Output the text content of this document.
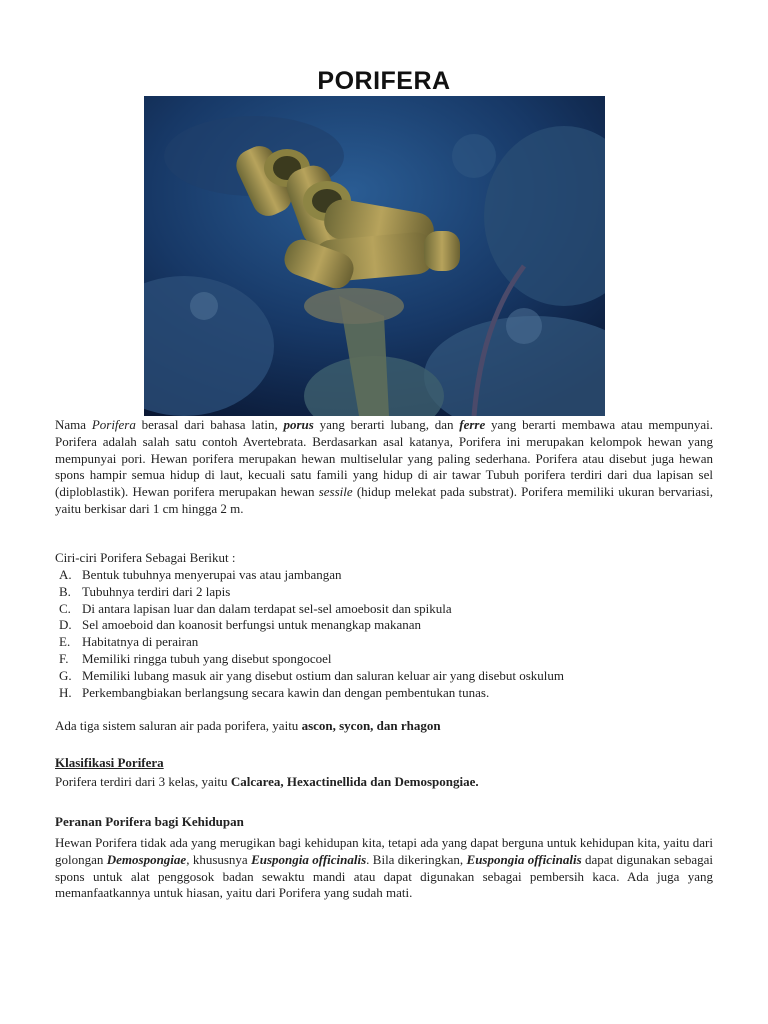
PORIFERA

Nama Porifera berasal dari bahasa latin, porus yang berarti lubang, dan ferre yang berarti membawa atau mempunyai. Porifera adalah salah satu contoh Avertebrata. Berdasarkan asal katanya, Porifera ini merupakan kelompok hewan yang mempunyai pori. Hewan porifera merupakan hewan multiselular yang paling sederhana. Porifera atau disebut juga hewan spons hampir semua hidup di laut, kecuali satu famili yang hidup di air tawar Tubuh porifera terdiri dari dua lapisan sel (diploblastik). Hewan porifera merupakan hewan sessile (hidup melekat pada substrat). Porifera memiliki ukuran bervariasi, yaitu berkisar dari 1 cm hingga 2 m.

Ciri-ciri Porifera Sebagai Berikut :

A. Bentuk tubuhnya menyerupai vas atau jambangan
B. Tubuhnya terdiri dari 2 lapis
C. Di antara lapisan luar dan dalam terdapat sel-sel amoebosit dan spikula
D. Sel amoeboid dan koanosit berfungsi untuk menangkap makanan
E. Habitatnya di perairan
F.	Memiliki ringga tubuh yang disebut spongocoel
G. Memiliki lubang masuk air yang disebut ostium dan saluran keluar air yang disebut oskulum
H. Perkembangbiakan berlangsung secara kawin dan dengan pembentukan tunas.

Ada tiga sistem saluran air pada porifera, yaitu ascon, sycon, dan rhagon

Klasifikasi Porifera

Porifera terdiri dari 3 kelas, yaitu Calcarea, Hexactinellida dan Demospongiae.

Peranan Porifera bagi Kehidupan

Hewan Porifera tidak ada yang merugikan bagi kehidupan kita, tetapi ada yang dapat berguna untuk kehidupan kita, yaitu dari golongan Demospongiae, khususnya Euspongia officinalis. Bila dikeringkan, Euspongia officinalis dapat digunakan sebagai spons untuk alat penggosok badan sewaktu mandi atau dapat digunakan sebagai pembersih kaca. Ada juga yang memanfaatkannya untuk hiasan, yaitu dari Porifera yang sudah mati.
